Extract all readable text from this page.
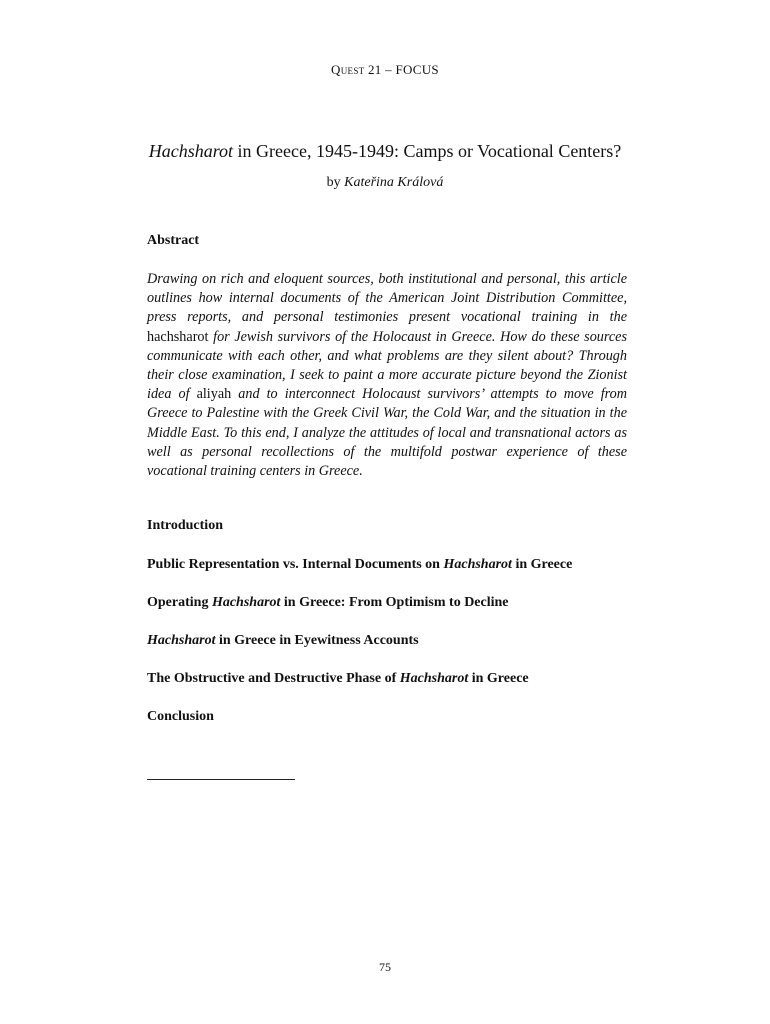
Quest 21 – FOCUS
Hachsharot in Greece, 1945-1949: Camps or Vocational Centers?
by Kateřina Králová
Abstract
Drawing on rich and eloquent sources, both institutional and personal, this article outlines how internal documents of the American Joint Distribution Committee, press reports, and personal testimonies present vocational training in the hachsharot for Jewish survivors of the Holocaust in Greece. How do these sources communicate with each other, and what problems are they silent about? Through their close examination, I seek to paint a more accurate picture beyond the Zionist idea of aliyah and to interconnect Holocaust survivors’ attempts to move from Greece to Palestine with the Greek Civil War, the Cold War, and the situation in the Middle East. To this end, I analyze the attitudes of local and transnational actors as well as personal recollections of the multifold postwar experience of these vocational training centers in Greece.
Introduction
Public Representation vs. Internal Documents on Hachsharot in Greece
Operating Hachsharot in Greece: From Optimism to Decline
Hachsharot in Greece in Eyewitness Accounts
The Obstructive and Destructive Phase of Hachsharot in Greece
Conclusion
75
